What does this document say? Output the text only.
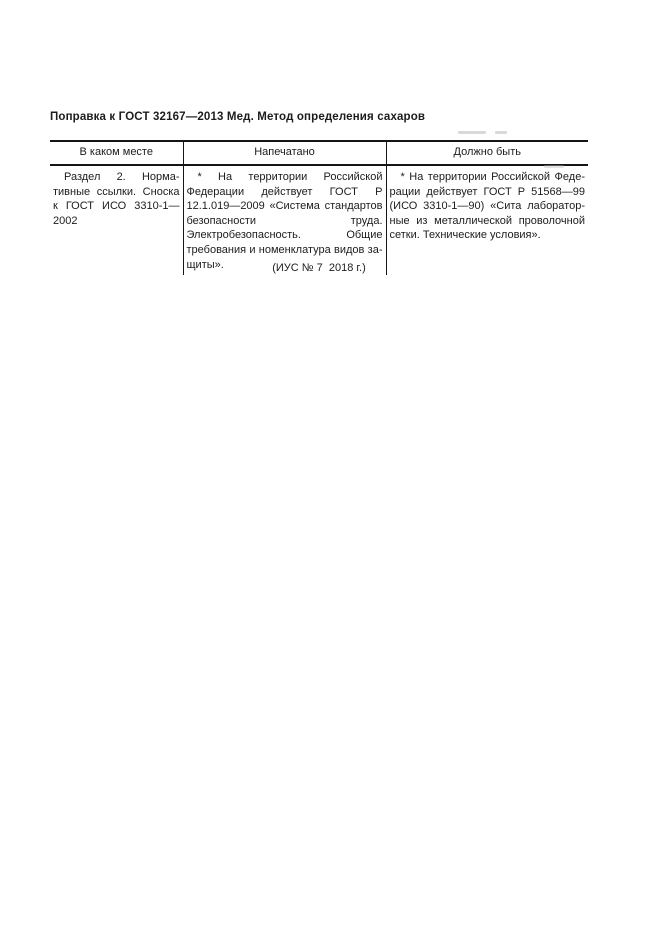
Поправка к ГОСТ 32167—2013 Мед. Метод определения сахаров
В каком месте	Напечатано	Должно быть

Раздел 2. Нормативные ссылки. Сноска к ГОСТ ИСО 3310-1—2002	* На территории Российской Федерации действует ГОСТ Р 12.1.019—2009 «Система стандартов безопасности труда. Электробезопасность. Общие требования и номенклатура видов защиты».	* На территории Российской Федерации действует ГОСТ Р 51568—99 (ИСО 3310-1—90) «Сита лабораторные из металлической проволочной сетки. Технические условия».

(ИУС № 7  2018 г.)
